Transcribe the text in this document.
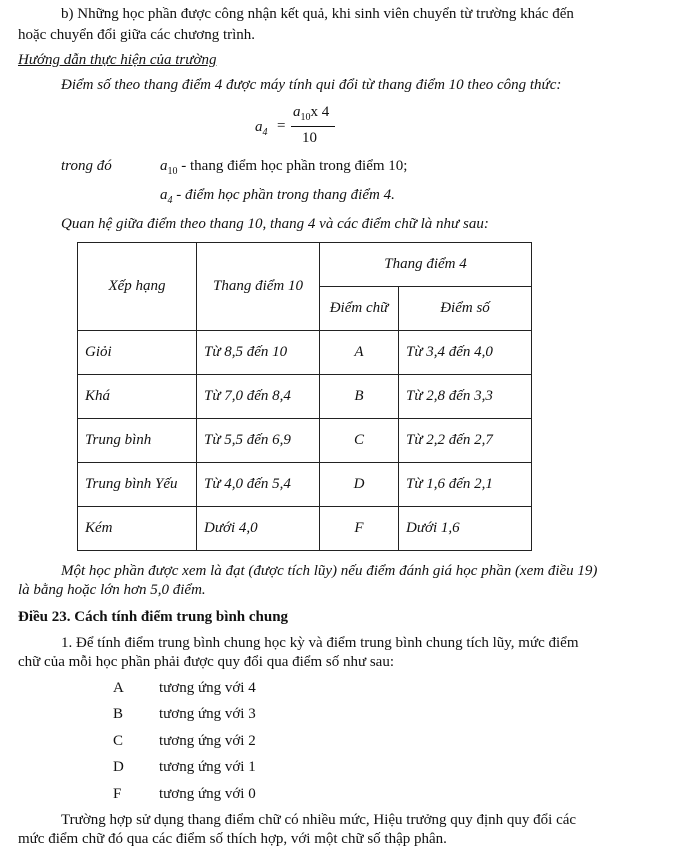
b) Những học phần được công nhận kết quả, khi sinh viên chuyển từ trường khác đến
hoặc chuyển đổi giữa các chương trình.
Hướng dẫn thực hiện của trường
Điểm số theo thang điểm 4 được máy tính qui đổi từ thang điểm 10 theo công thức:
$a_4$ =
$a_{10}x$ 4
10
trong đó	$a_{10}$ - thang điểm học phần trong điểm 10;
$a_4$ - điểm học phần trong thang điểm 4.
Quan hệ giữa điểm theo thang 10, thang 4 và các điểm chữ là như sau:
Xếp hạng	Thang điểm 10	Thang điểm 4	
		Điểm chữ	Điểm số
Giỏi	Từ 8,5 đến 10	A	Từ 3,4 đến 4,0
Khá	Từ 7,0 đến 8,4	B	Từ 2,8 đến 3,3
Trung bình	Từ 5,5 đến 6,9	C	Từ 2,2 đến 2,7
Trung bình Yếu	Từ 4,0 đến 5,4	D	Từ 1,6 đến 2,1
Kém	Dưới 4,0	F	Dưới 1,6
Một học phần được xem là đạt (được tích lũy) nếu điểm đánh giá học phần (xem điều 19)
là bằng hoặc lớn hơn 5,0 điểm.
Điều 23. Cách tính điểm trung bình chung
1. Để tính điểm trung bình chung học kỳ và điểm trung bình chung tích lũy, mức điểm
chữ của mỗi học phần phải được quy đổi qua điểm số như sau:
A tương ứng với 4
B tương ứng với 3
C tương ứng với 2
D tương ứng với 1
F	tương ứng với 0
Trường hợp sử dụng thang điểm chữ có nhiều mức, Hiệu trưởng quy định quy đổi các
mức điểm chữ đó qua các điểm số thích hợp, với một chữ số thập phân.
